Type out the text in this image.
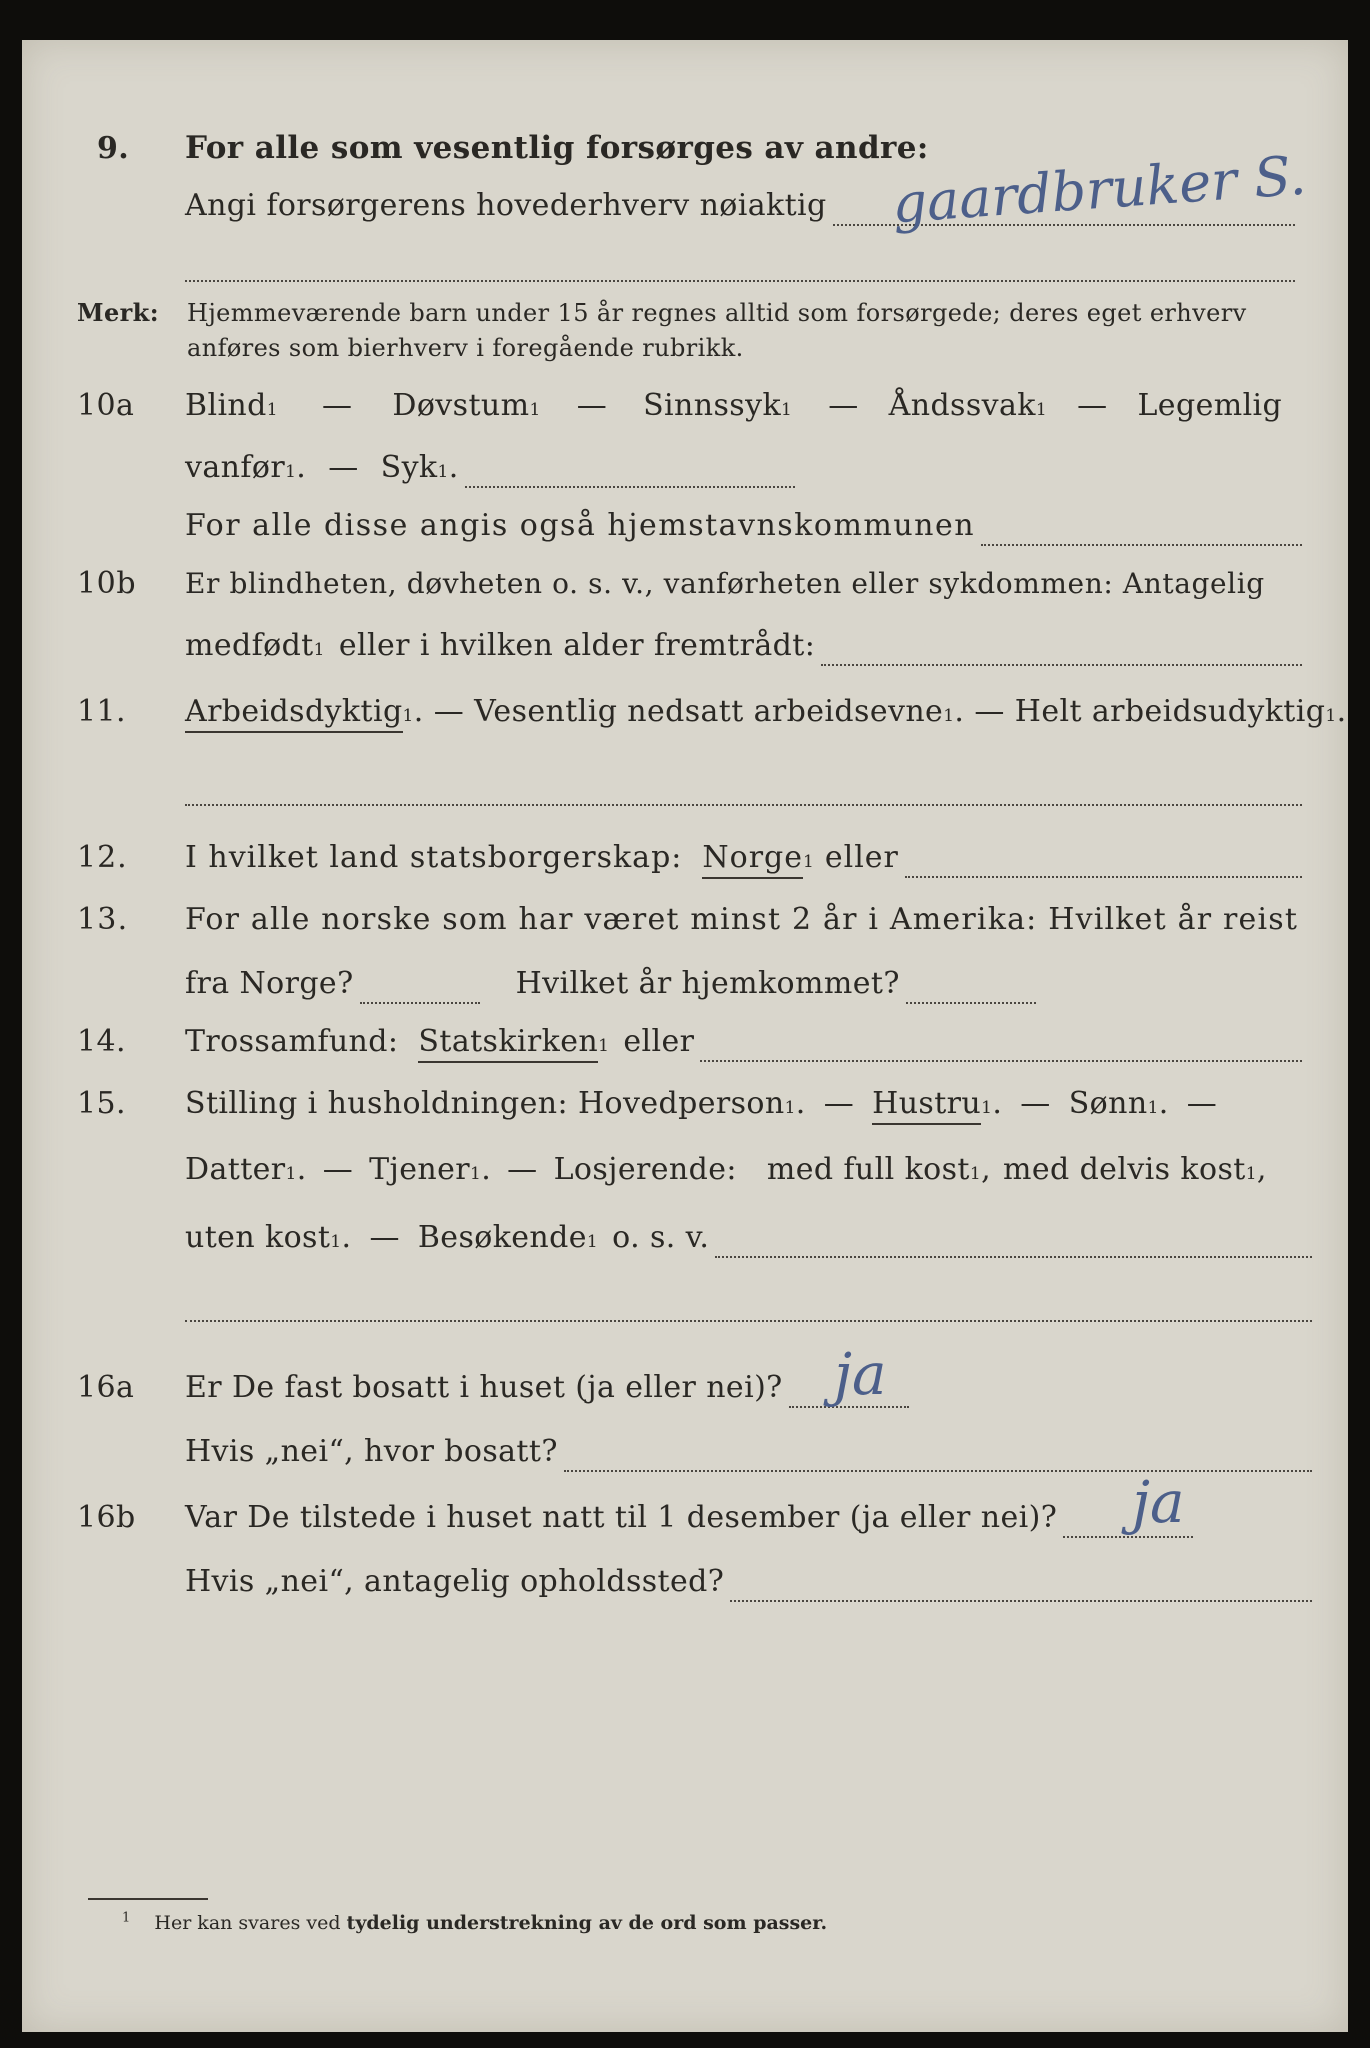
9.	For alle som vesentlig forsørges av andre:
Angi forsørgerens hovederhverv nøiaktig gaardbruker S.
Merk:	Hjemmeværende barn under 15 år regnes alltid som forsørgede; deres eget erhverv
anføres som bierhverv i foregående rubrikk.
10a	Blind 1 — Døvstum 1 — Sinnssyk 1 — Åndssvak 1 — Legemlig
vanfør 1 . — Syk 1 .
For alle disse angis også hjemstavnskommunen
10b	Er blindheten, døvheten o. s. v., vanførheten eller sykdommen: Antagelig
medfødt 1 eller i hvilken alder fremtrådt:
11.	Arbeidsdyktig 1 . — Vesentlig nedsatt arbeidsevne 1 . — Helt arbeidsudyktig 1 .
12.	I hvilket land statsborgerskap: Norge 1 eller
13.	For alle norske som har været minst 2 år i Amerika: Hvilket år reist
fra Norge?	Hvilket år hjemkommet?
14.	Trossamfund: Statskirken 1 eller
15.	Stilling i husholdningen: Hovedperson 1 . — Hustru 1 . — Sønn 1 . —
Datter 1 . — Tjener 1 . — Losjerende: med full kost 1 , med delvis kost 1 ,
uten kost 1 . — Besøkende 1 o. s. v.
16a	Er De fast bosatt i huset (ja eller nei)? ja
Hvis „nei“, hvor bosatt?
16b	Var De tilstede i huset natt til 1 desember (ja eller nei)? ja
Hvis „nei“, antagelig opholdssted?
$^1$ Her kan svares ved tydelig understrekning av de ord som passer.
